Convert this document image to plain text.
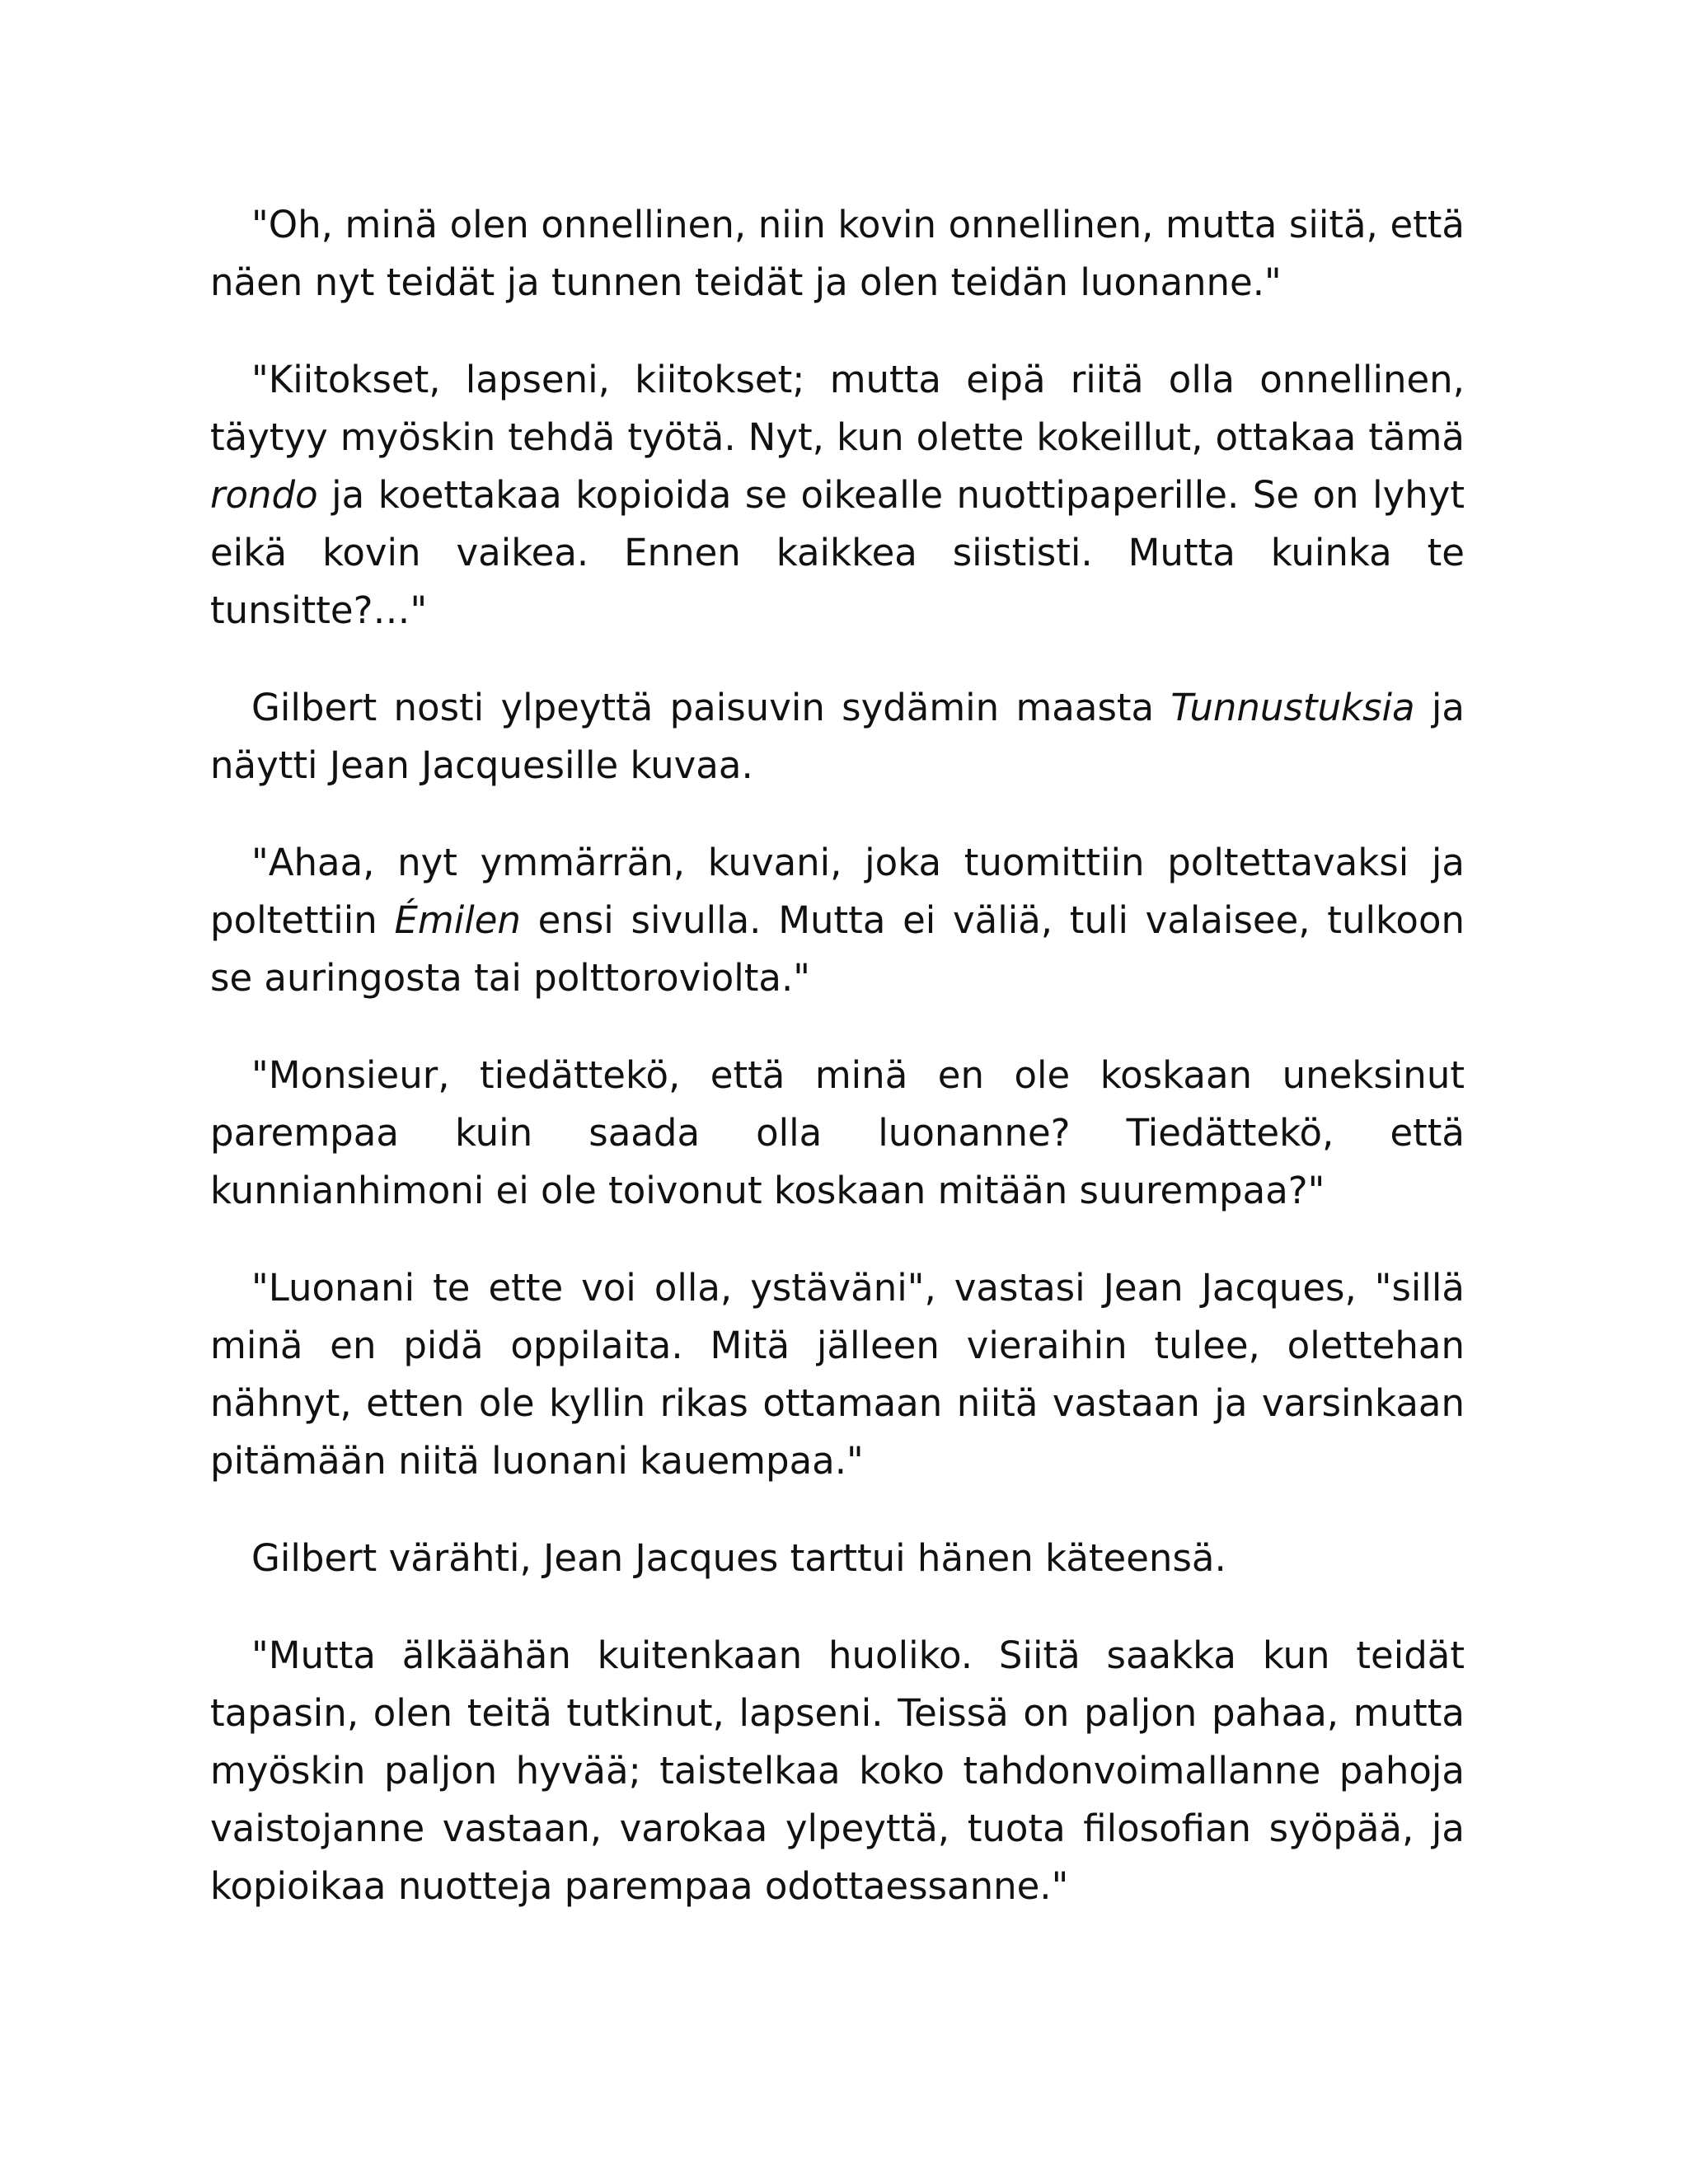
"Oh, minä olen onnellinen, niin kovin onnellinen, mutta siitä, että näen nyt teidät ja tunnen teidät ja olen teidän luonanne."

"Kiitokset, lapseni, kiitokset; mutta eipä riitä olla onnellinen, täytyy myöskin tehdä työtä. Nyt, kun olette kokeillut, ottakaa tämä rondo ja koettakaa kopioida se oikealle nuottipaperille. Se on lyhyt eikä kovin vaikea. Ennen kaikkea siististi. Mutta kuinka te tunsitte?…"

Gilbert nosti ylpeyttä paisuvin sydämin maasta Tunnustuksia ja näytti Jean Jacquesille kuvaa.

"Ahaa, nyt ymmärrän, kuvani, joka tuomittiin poltettavaksi ja poltettiin Émilen ensi sivulla. Mutta ei väliä, tuli valaisee, tulkoon se auringosta tai polttoroviolta."

"Monsieur, tiedättekö, että minä en ole koskaan uneksinut parempaa kuin saada olla luonanne? Tiedättekö, että kunnianhimoni ei ole toivonut koskaan mitään suurempaa?"

"Luonani te ette voi olla, ystäväni", vastasi Jean Jacques, "sillä minä en pidä oppilaita. Mitä jälleen vieraihin tulee, olettehan nähnyt, etten ole kyllin rikas ottamaan niitä vastaan ja varsinkaan pitämään niitä luonani kauempaa."

Gilbert värähti, Jean Jacques tarttui hänen käteensä.

"Mutta älkäähän kuitenkaan huoliko. Siitä saakka kun teidät tapasin, olen teitä tutkinut, lapseni. Teissä on paljon pahaa, mutta myöskin paljon hyvää; taistelkaa koko tahdonvoimallanne pahoja vaistojanne vastaan, varokaa ylpeyttä, tuota filosofian syöpää, ja kopioikaa nuotteja parempaa odottaessanne."
